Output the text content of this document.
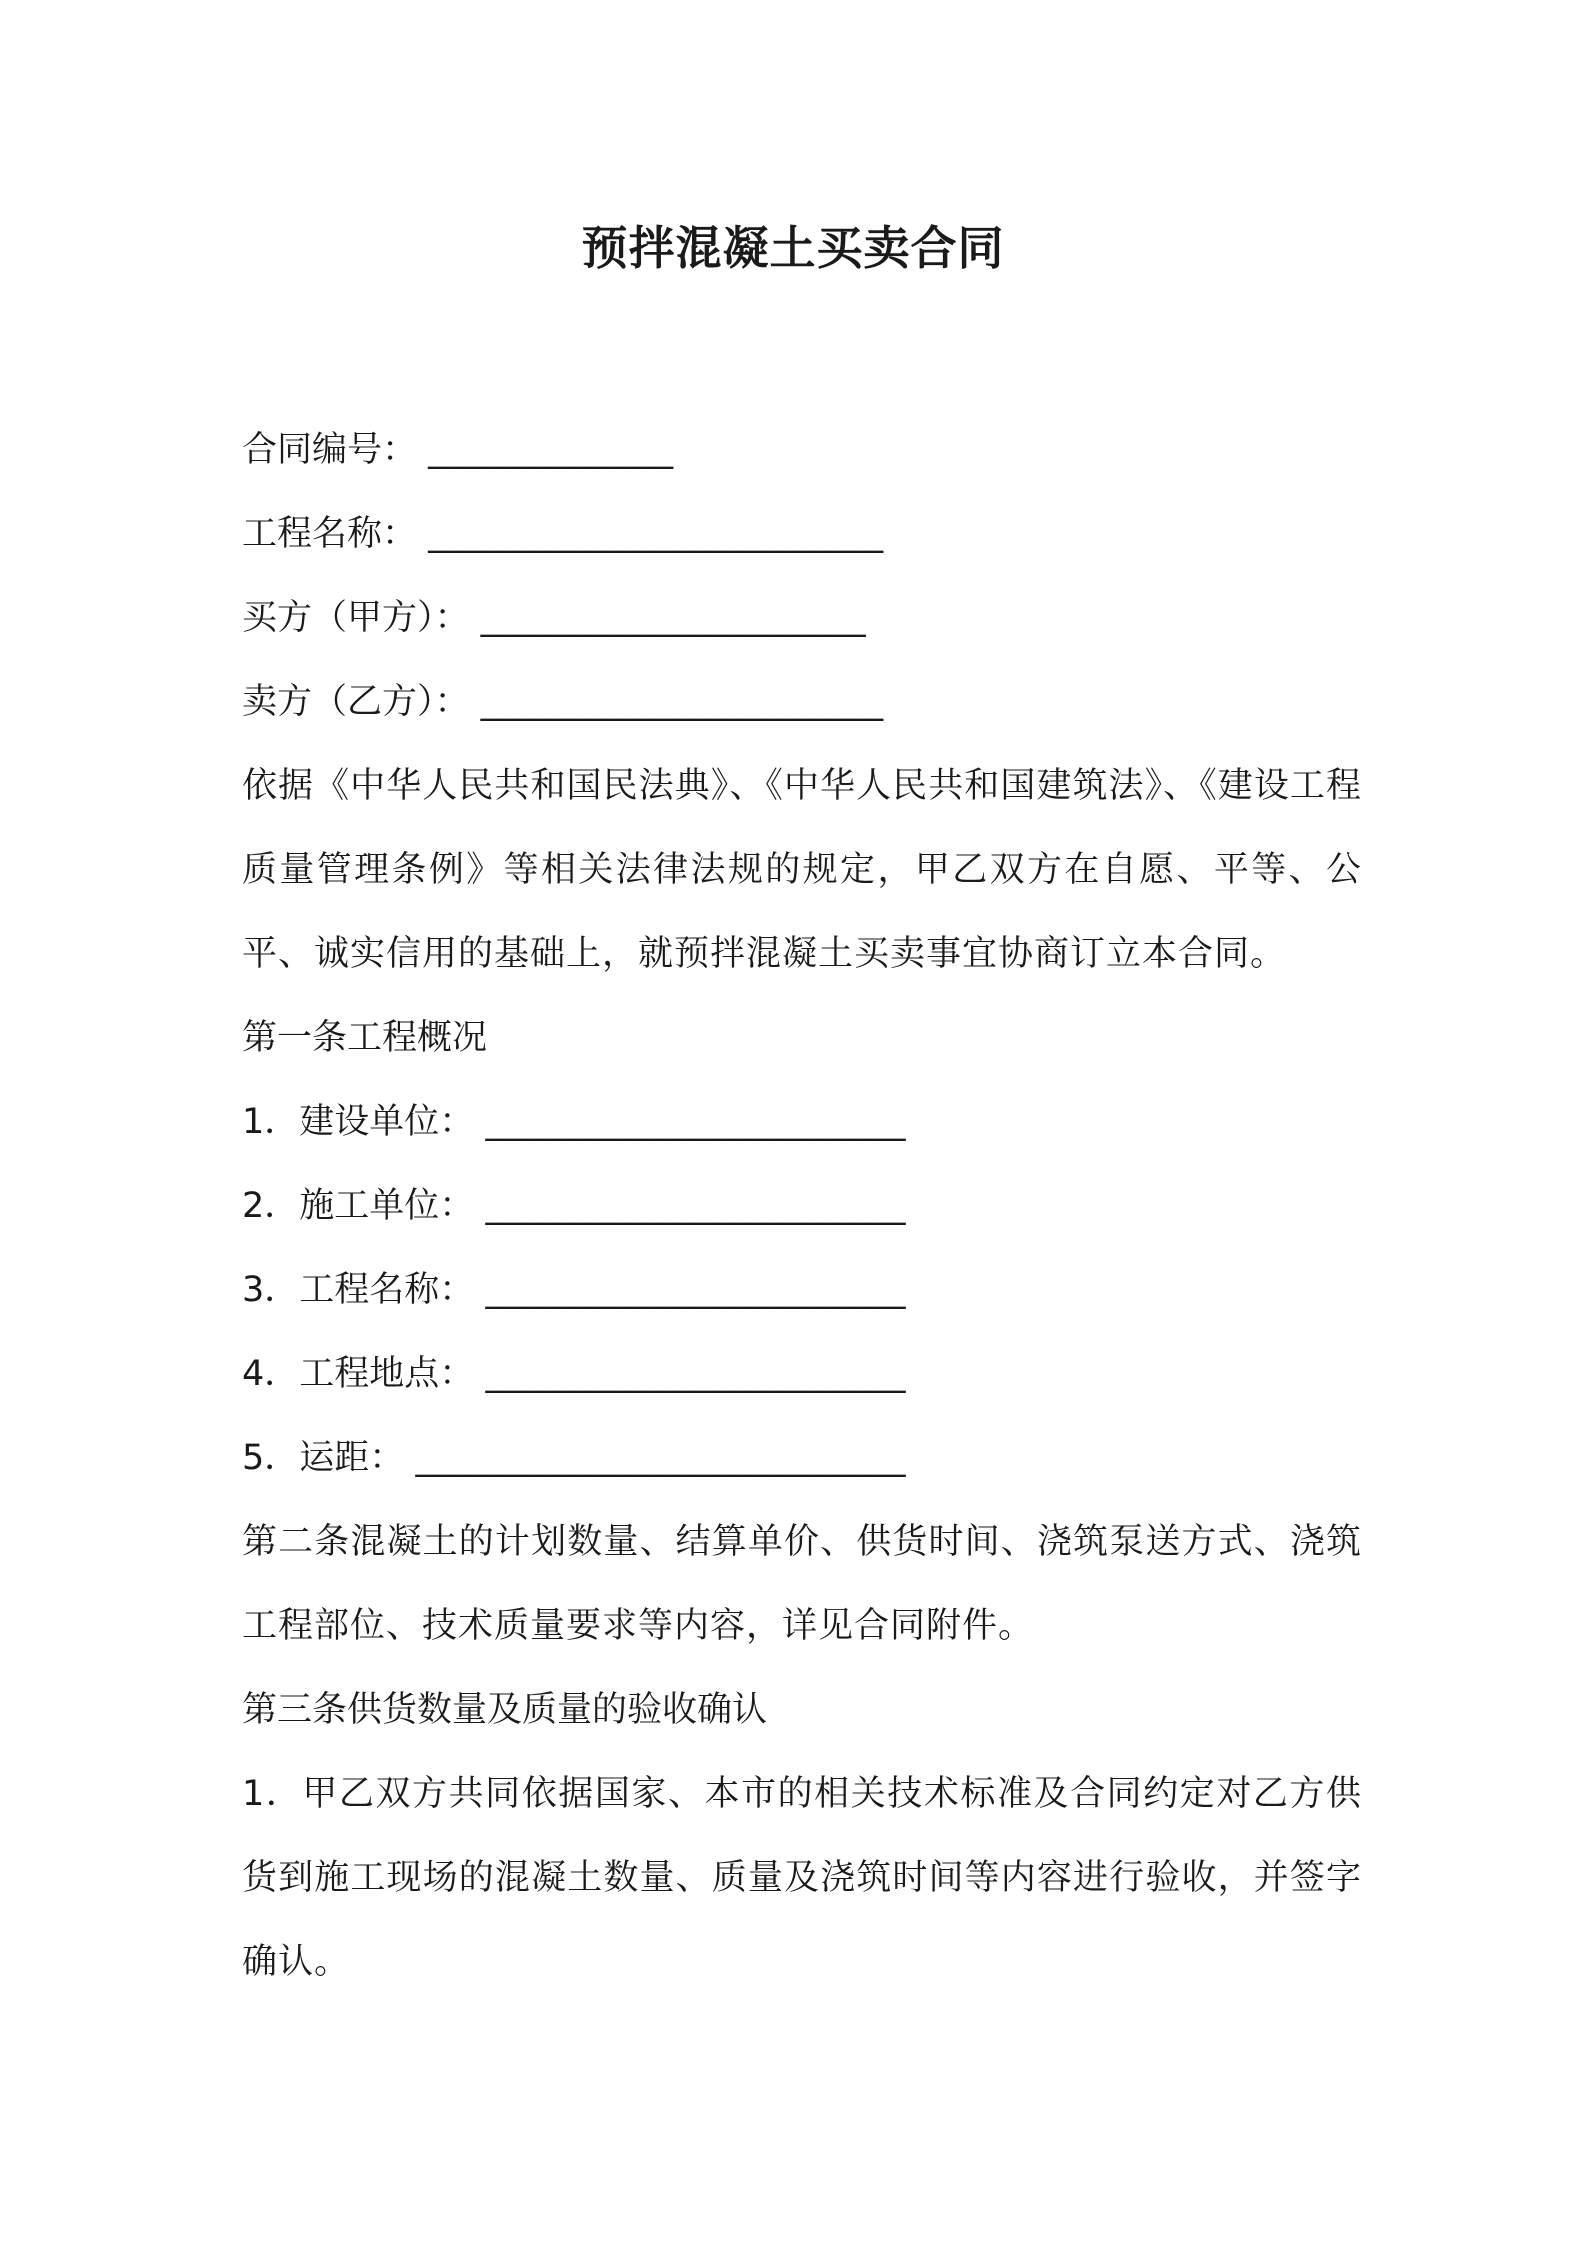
预拌混凝土买卖合同
合同编号： ______________
工程名称： __________________________
买方（甲方）： ______________________
卖方（乙方）： _______________________

依据《中华人民共和国民法典》、《中华人民共和国建筑法》、《建设工程质量管理条例》等相关法律法规的规定，甲乙双方在自愿、平等、公平、诚实信用的基础上，就预拌混凝土买卖事宜协商订立本合同。

第一条工程概况
1．建设单位： ________________________
2．施工单位： ________________________
3．工程名称： ________________________
4．工程地点： ________________________
5．运距： ____________________________

第二条混凝土的计划数量、结算单价、供货时间、浇筑泵送方式、浇筑工程部位、技术质量要求等内容，详见合同附件。

第三条供货数量及质量的验收确认

1．甲乙双方共同依据国家、本市的相关技术标准及合同约定对乙方供货到施工现场的混凝土数量、质量及浇筑时间等内容进行验收，并签字确认。
